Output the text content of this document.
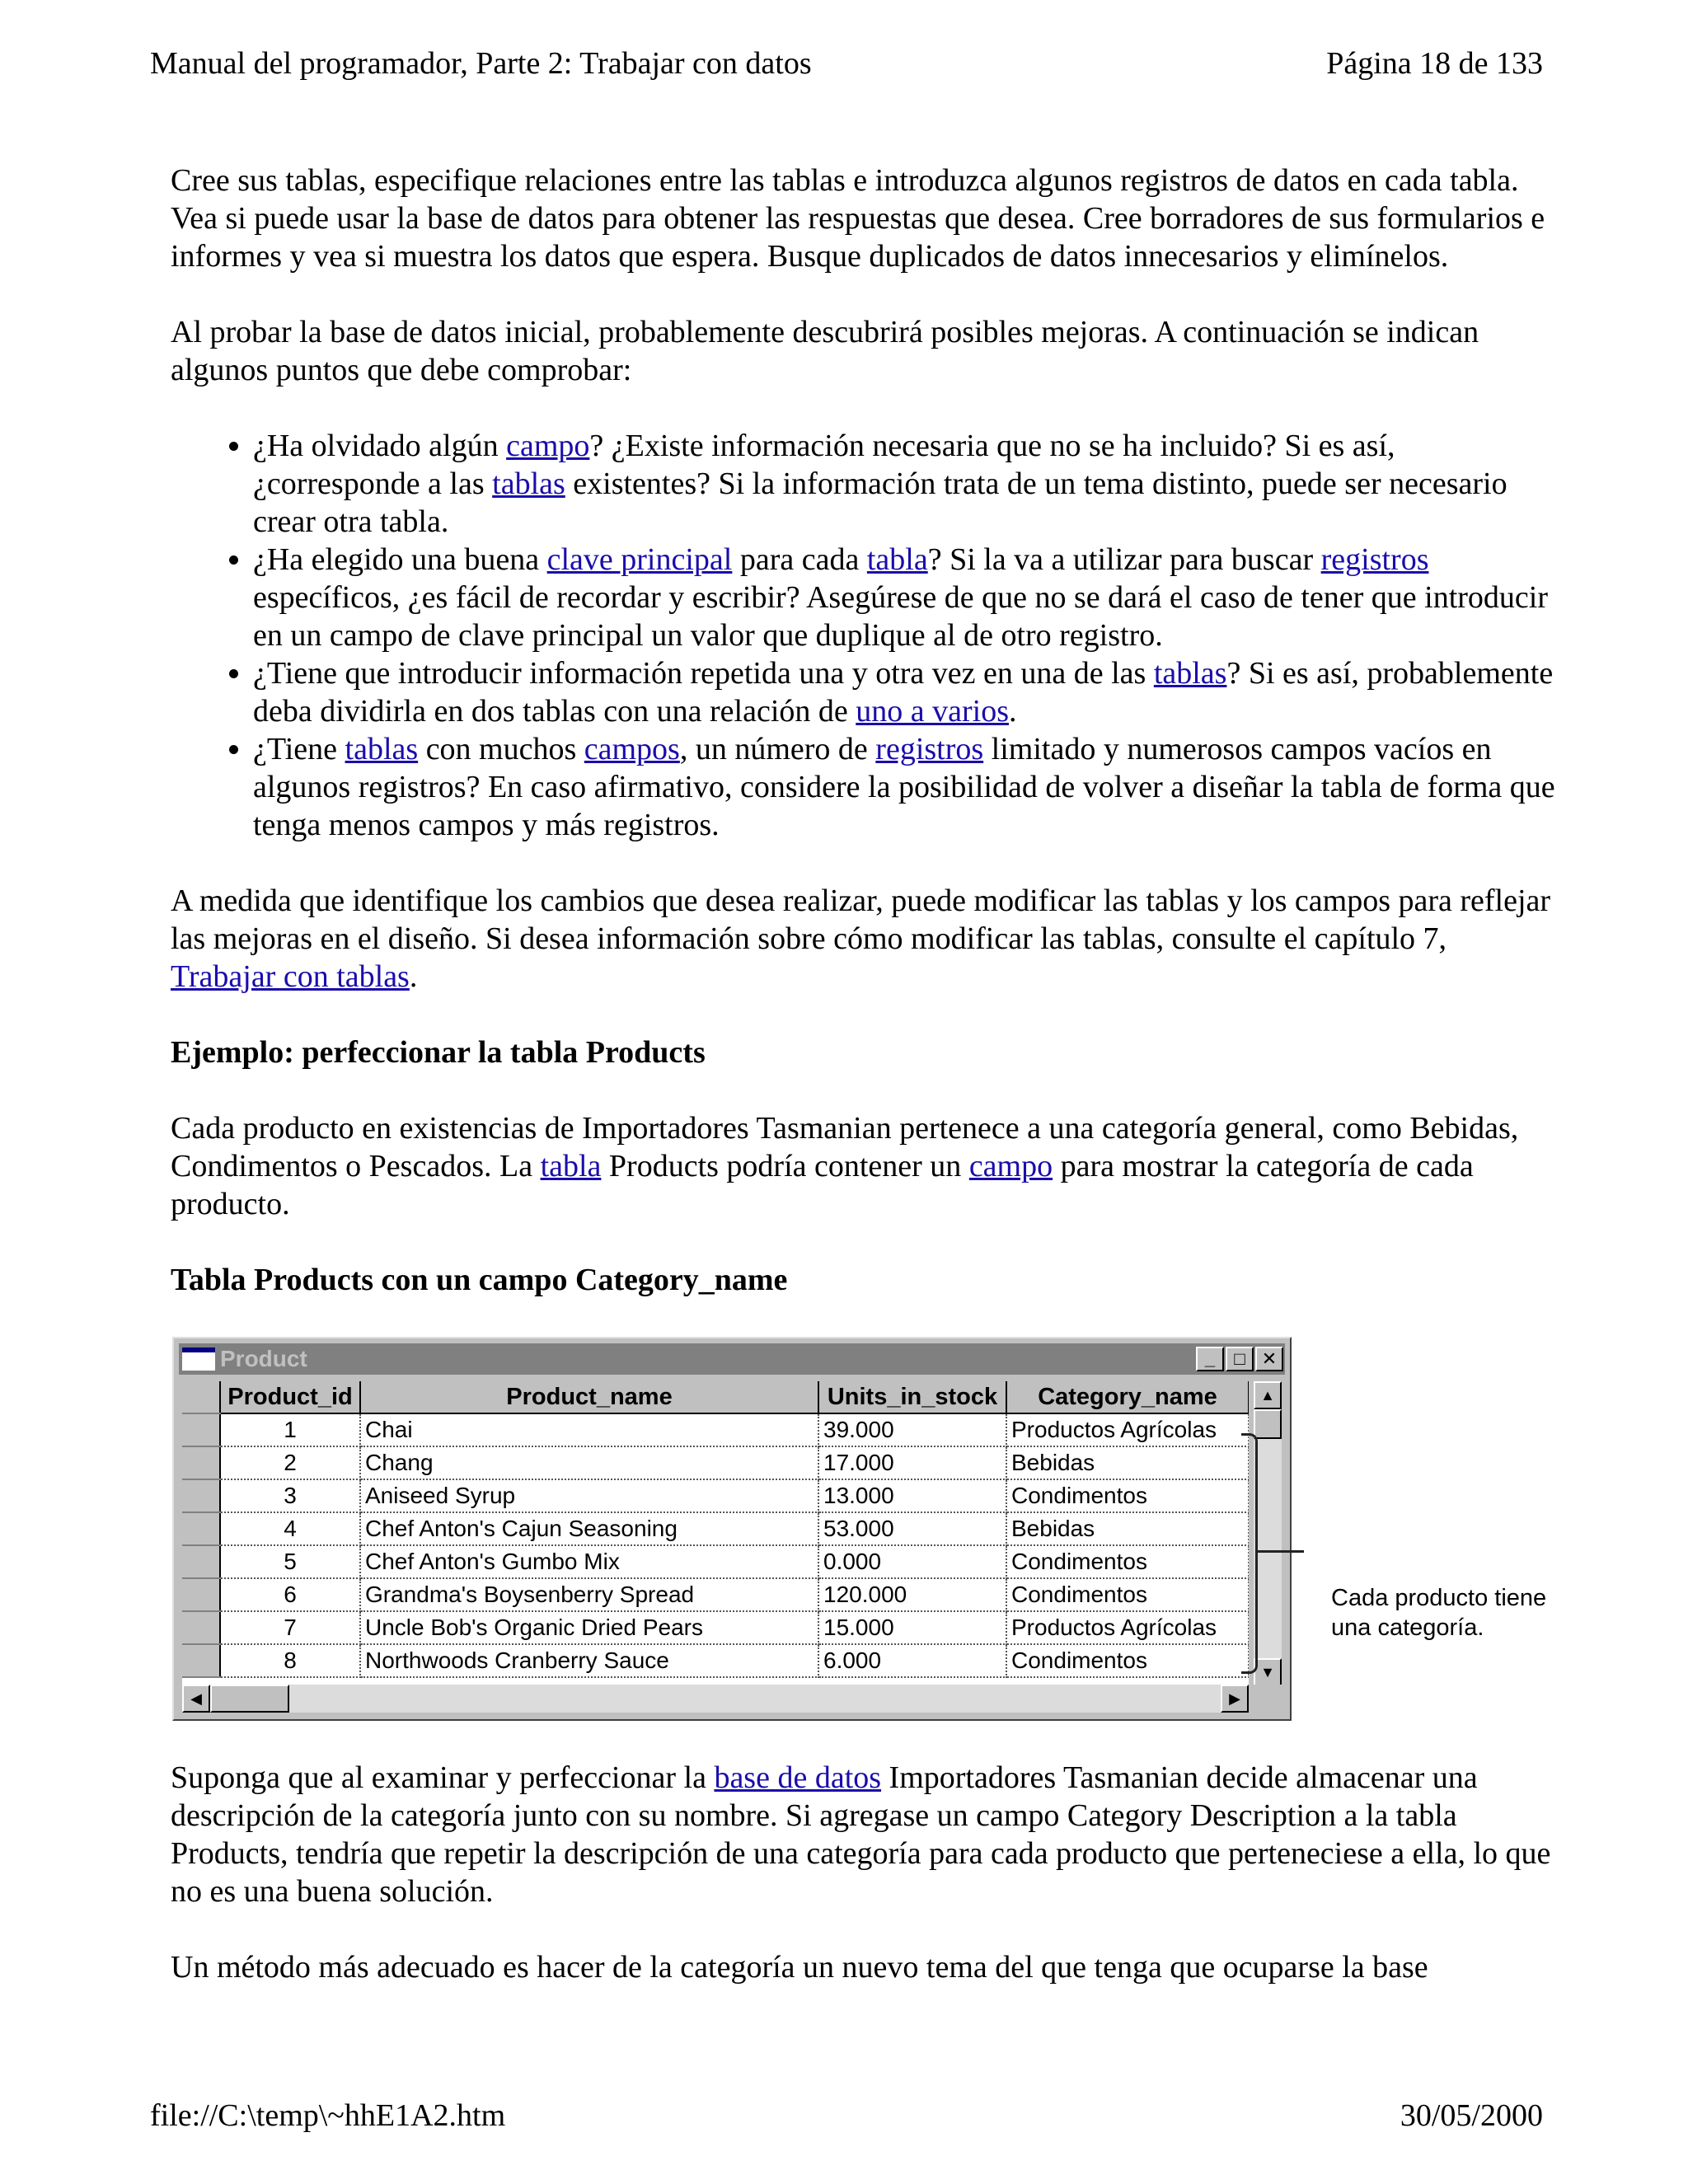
Manual del programador, Parte 2: Trabajar con datos	Página 18 de 133

Cree sus tablas, especifique relaciones entre las tablas e introduzca algunos registros de datos en cada tabla. Vea si puede usar la base de datos para obtener las respuestas que desea. Cree borradores de sus formularios e informes y vea si muestra los datos que espera. Busque duplicados de datos innecesarios y elimínelos.

Al probar la base de datos inicial, probablemente descubrirá posibles mejoras. A continuación se indican algunos puntos que debe comprobar:

• ¿Ha olvidado algún campo? ¿Existe información necesaria que no se ha incluido? Si es así, ¿corresponde a las tablas existentes? Si la información trata de un tema distinto, puede ser necesario crear otra tabla.
• ¿Ha elegido una buena clave principal para cada tabla? Si la va a utilizar para buscar registros específicos, ¿es fácil de recordar y escribir? Asegúrese de que no se dará el caso de tener que introducir en un campo de clave principal un valor que duplique al de otro registro.
• ¿Tiene que introducir información repetida una y otra vez en una de las tablas? Si es así, probablemente deba dividirla en dos tablas con una relación de uno a varios.
• ¿Tiene tablas con muchos campos, un número de registros limitado y numerosos campos vacíos en algunos registros? En caso afirmativo, considere la posibilidad de volver a diseñar la tabla de forma que tenga menos campos y más registros.

A medida que identifique los cambios que desea realizar, puede modificar las tablas y los campos para reflejar las mejoras en el diseño. Si desea información sobre cómo modificar las tablas, consulte el capítulo 7, Trabajar con tablas.

Ejemplo: perfeccionar la tabla Products

Cada producto en existencias de Importadores Tasmanian pertenece a una categoría general, como Bebidas, Condimentos o Pescados. La tabla Products podría contener un campo para mostrar la categoría de cada producto.

Tabla Products con un campo Category_name
Product	_	□ ✕
	Product_id	Product_name	Units_in_stock	Category_name
	1	Chai	39.000	Productos Agrícolas
	2	Chang	17.000	Bebidas
	3	Aniseed Syrup	13.000	Condimentos
	4	Chef Anton's Cajun Seasoning	53.000	Bebidas
	5	Chef Anton's Gumbo Mix	0.000	Condimentos
	6	Grandma's Boysenberry Spread	120.000	Condimentos
	7	Uncle Bob's Organic Dried Pears	15.000	Productos Agrícolas
	8	Northwoods Cranberry Sauce	6.000	Condimentos
▲
▼
◀	▶
Cada producto tiene
una categoría.

Suponga que al examinar y perfeccionar la base de datos Importadores Tasmanian decide almacenar una descripción de la categoría junto con su nombre. Si agregase un campo Category Description a la tabla Products, tendría que repetir la descripción de una categoría para cada producto que perteneciese a ella, lo que no es una buena solución.

Un método más adecuado es hacer de la categoría un nuevo tema del que tenga que ocuparse la base

file://C:\temp\~hhE1A2.htm	30/05/2000
